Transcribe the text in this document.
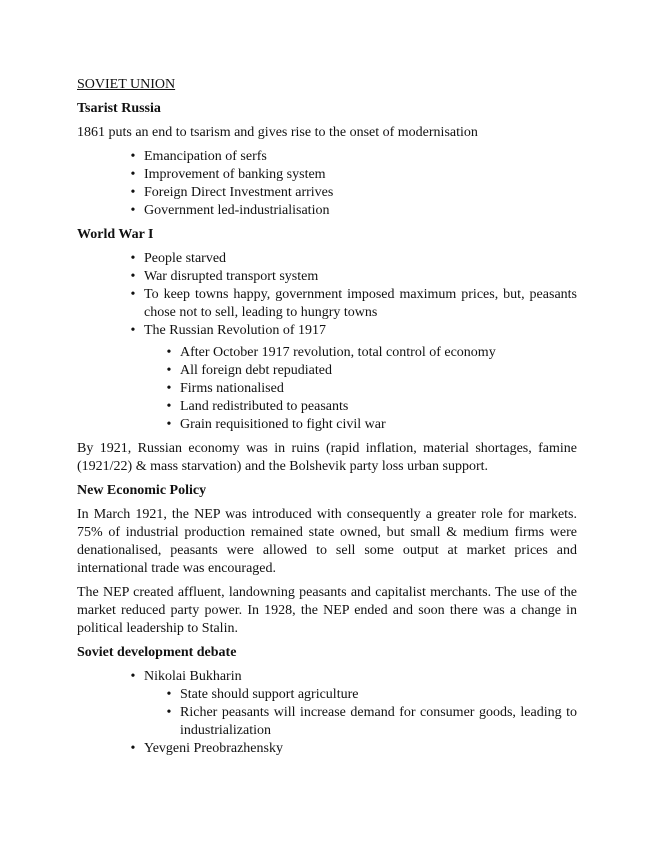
SOVIET UNION
Tsarist Russia

1861 puts an end to tsarism and gives rise to the onset of modernisation

• Emancipation of serfs
• Improvement of banking system
• Foreign Direct Investment arrives
• Government led-industrialisation
World War I
• People starved
• War disrupted transport system
• To keep towns happy, government imposed maximum prices, but, peasants chose not to sell, leading to hungry towns
• The Russian Revolution of 1917
• After October 1917 revolution, total control of economy
• All foreign debt repudiated
• Firms nationalised
• Land redistributed to peasants
• Grain requisitioned to fight civil war

By 1921, Russian economy was in ruins (rapid inflation, material shortages, famine (1921/22) & mass starvation) and the Bolshevik party loss urban support.

New Economic Policy

In March 1921, the NEP was introduced with consequently a greater role for markets. 75% of industrial production remained state owned, but small & medium firms were denationalised, peasants were allowed to sell some output at market prices and international trade was encouraged.

The NEP created affluent, landowning peasants and capitalist merchants. The use of the market reduced party power. In 1928, the NEP ended and soon there was a change in political leadership to Stalin.

Soviet development debate
• Nikolai Bukharin
• State should support agriculture
• Richer peasants will increase demand for consumer goods, leading to industrialization
• Yevgeni Preobrazhensky
